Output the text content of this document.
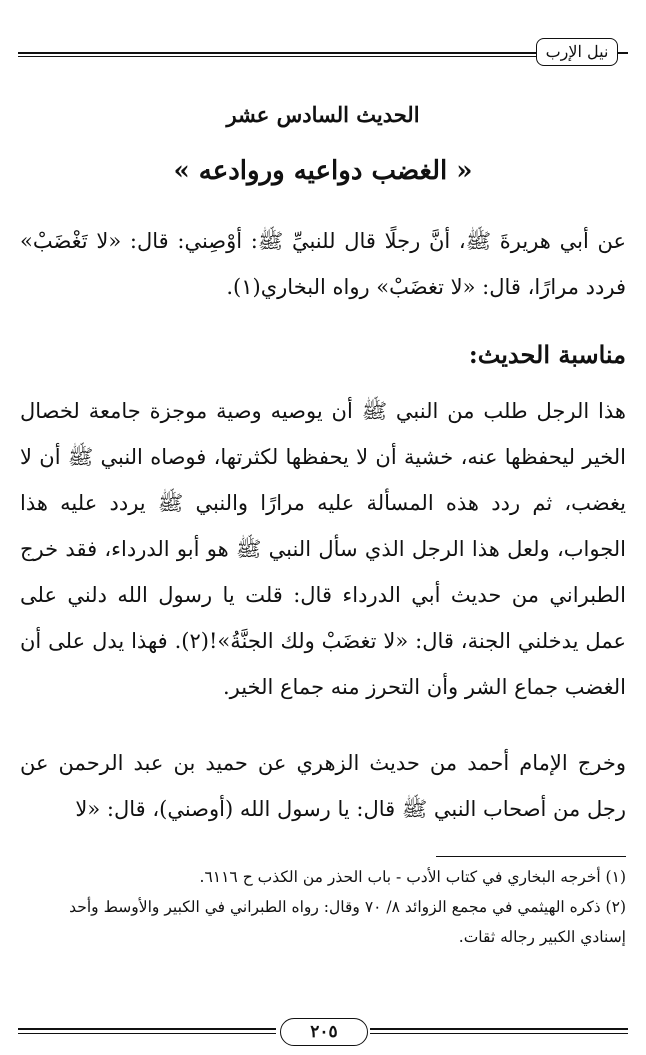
نيل الإرب
الحديث السادس عشر
« الغضب دواعيه وروادعه »
عن أبي هريرةَ ﷺ، أنَّ رجلًا قال للنبيِّ ﷺ: أوْصِني: قال: «لا تَغْضَبْ» فردد مرارًا، قال: «لا تغضَبْ» رواه البخاري(١).
مناسبة الحديث:
هذا الرجل طلب من النبي ﷺ أن يوصيه وصية موجزة جامعة لخصال الخير ليحفظها عنه، خشية أن لا يحفظها لكثرتها، فوصاه النبي ﷺ أن لا يغضب، ثم ردد هذه المسألة عليه مرارًا والنبي ﷺ يردد عليه هذا الجواب، ولعل هذا الرجل الذي سأل النبي ﷺ هو أبو الدرداء، فقد خرج الطبراني من حديث أبي الدرداء قال: قلت يا رسول الله دلني على عمل يدخلني الجنة، قال: «لا تغضَبْ ولك الجنَّةُ»!(٢). فهذا يدل على أن الغضب جماع الشر وأن التحرز منه جماع الخير.
وخرج الإمام أحمد من حديث الزهري عن حميد بن عبد الرحمن عن رجل من أصحاب النبي ﷺ قال: يا رسول الله (أوصني)، قال: «لا
(١) أخرجه البخاري في كتاب الأدب - باب الحذر من الكذب ح ٦١١٦.
(٢) ذكره الهيثمي في مجمع الزوائد ٨/ ٧٠ وقال: رواه الطبراني في الكبير والأوسط وأحد إسنادي الكبير رجاله ثقات.
٢٠٥
